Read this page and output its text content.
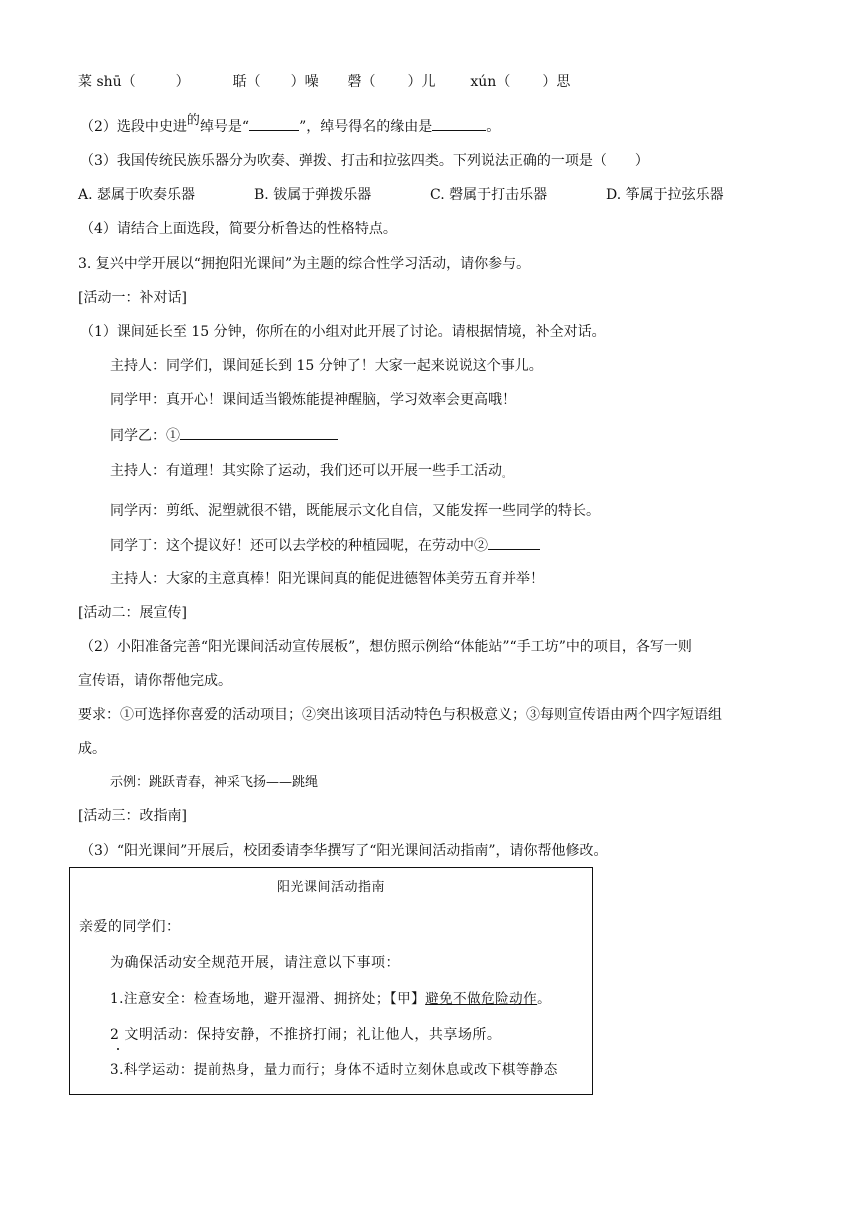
菜 shū（	）	聒（ ）噪 磬（ ）儿 xún（ ）思
（2）选段中史进的绰号是“	”，绰号得名的缘由是	。
（3）我国传统民族乐器分为吹奏、弹拨、打击和拉弦四类。下列说法正确的一项是（　　）
A. 瑟属于吹奏乐器	B. 钹属于弹拨乐器	C. 磬属于打击乐器	D. 筝属于拉弦乐器
（4）请结合上面选段，简要分析鲁达的性格特点。
3. 复兴中学开展以“拥抱阳光课间”为主题的综合性学习活动，请你参与。
[活动一：补对话]
（1）课间延长至 15 分钟，你所在的小组对此开展了讨论。请根据情境，补全对话。
主持人：同学们，课间延长到 15 分钟了！大家一起来说说这个事儿。
同学甲：真开心！课间适当锻炼能提神醒脑，学习效率会更高哦！
同学乙：①
主持人：有道理！其实除了运动，我们还可以开展一些手工活动。
同学丙：剪纸、泥塑就很不错，既能展示文化自信，又能发挥一些同学的特长。
同学丁：这个提议好！还可以去学校的种植园呢，在劳动中②
主持人：大家的主意真棒！阳光课间真的能促进德智体美劳五育并举！
[活动二：展宣传]
（2）小阳准备完善“阳光课间活动宣传展板”，想仿照示例给“体能站”“手工坊”中的项目，各写一则
宣传语，请你帮他完成。
要求：①可选择你喜爱的活动项目；②突出该项目活动特色与积极意义；③每则宣传语由两个四字短语组
成。
示例：跳跃青春，神采飞扬——跳绳
[活动三：改指南]
（3）“阳光课间”开展后，校团委请李华撰写了“阳光课间活动指南”，请你帮他修改。
阳光课间活动指南
亲爱的同学们：
为确保活动安全规范开展，请注意以下事项：
1.注意安全：检查场地，避开湿滑、拥挤处；【甲】避免不做危险动作。
2 文明活动：保持安静，不推挤打闹；礼让他人，共享场所。
3.科学运动：提前热身，量力而行；身体不适时立刻休息或改下棋等静态
